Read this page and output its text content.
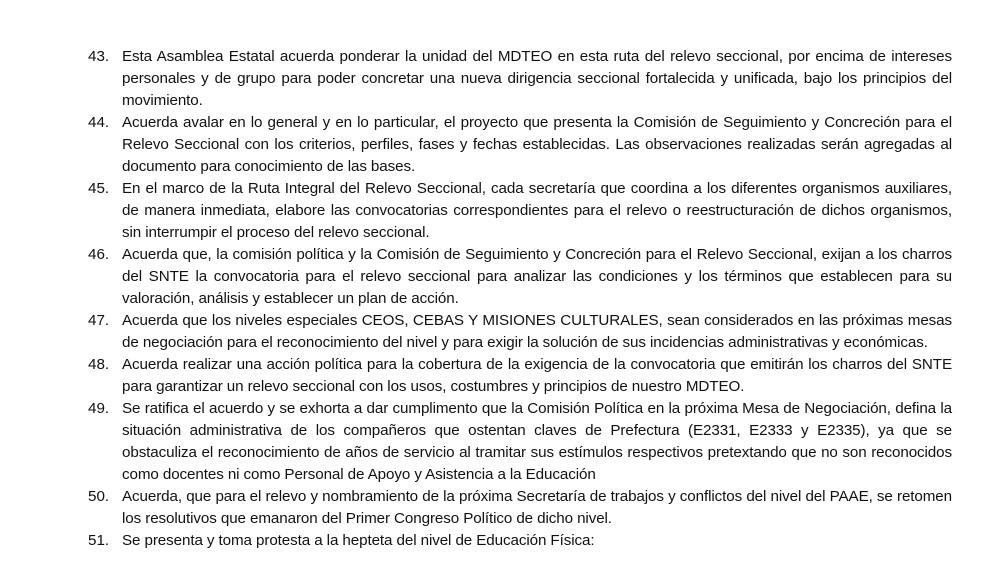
43. Esta Asamblea Estatal acuerda ponderar la unidad del MDTEO en esta ruta del relevo seccional, por encima de intereses personales y de grupo para poder concretar una nueva dirigencia seccional fortalecida y unificada, bajo los principios del movimiento.
44. Acuerda avalar en lo general y en lo particular, el proyecto que presenta la Comisión de Seguimiento y Concreción para el Relevo Seccional con los criterios, perfiles, fases y fechas establecidas. Las observaciones realizadas serán agregadas al documento para conocimiento de las bases.
45. En el marco de la Ruta Integral del Relevo Seccional, cada secretaría que coordina a los diferentes organismos auxiliares, de manera inmediata, elabore las convocatorias correspondientes para el relevo o reestructuración de dichos organismos, sin interrumpir el proceso del relevo seccional.
46. Acuerda que, la comisión política y la Comisión de Seguimiento y Concreción para el Relevo Seccional, exijan a los charros del SNTE la convocatoria para el relevo seccional para analizar las condiciones y los términos que establecen para su valoración, análisis y establecer un plan de acción.
47. Acuerda que los niveles especiales CEOS, CEBAS Y MISIONES CULTURALES, sean considerados en las próximas mesas de negociación para el reconocimiento del nivel y para exigir la solución de sus incidencias administrativas y económicas.
48. Acuerda realizar una acción política para la cobertura de la exigencia de la convocatoria que emitirán los charros del SNTE para garantizar un relevo seccional con los usos, costumbres y principios de nuestro MDTEO.
49. Se ratifica el acuerdo y se exhorta a dar cumplimento que la Comisión Política en la próxima Mesa de Negociación, defina la situación administrativa de los compañeros que ostentan claves de Prefectura (E2331, E2333 y E2335), ya que se obstaculiza el reconocimiento de años de servicio al tramitar sus estímulos respectivos pretextando que no son reconocidos como docentes ni como Personal de Apoyo y Asistencia a la Educación
50. Acuerda, que para el relevo y nombramiento de la próxima Secretaría de trabajos y conflictos del nivel del PAAE, se retomen los resolutivos que emanaron del Primer Congreso Político de dicho nivel.
51. Se presenta y toma protesta a la hepteta del nivel de Educación Física:
